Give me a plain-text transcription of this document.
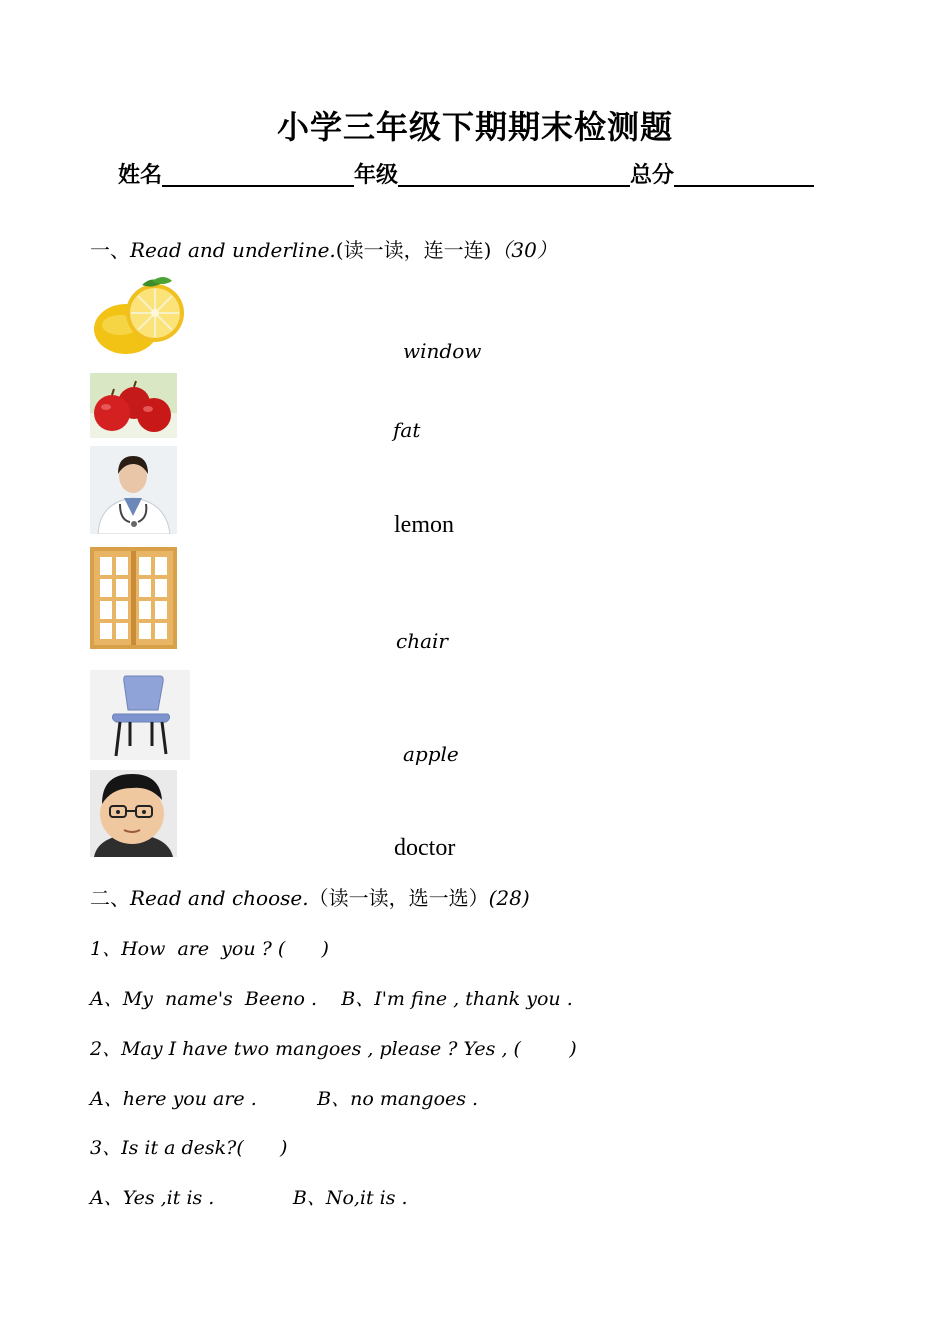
小学三年级下期期末检测题
姓名	年级	总分
一、Read and underline.(读一读，连一连)（30）
window
fat
lemon
chair
apple
doctor
二、Read and choose.（读一读，选一选）(28)
1、How  are  you ? (      )
A、My  name's  Beeno .    B、I'm fine , thank you .
2、May I have two mangoes , please ? Yes , (        )
A、here you are .          B、no mangoes .
3、Is it a desk?(      )
A、Yes ,it is .             B、No,it is .
